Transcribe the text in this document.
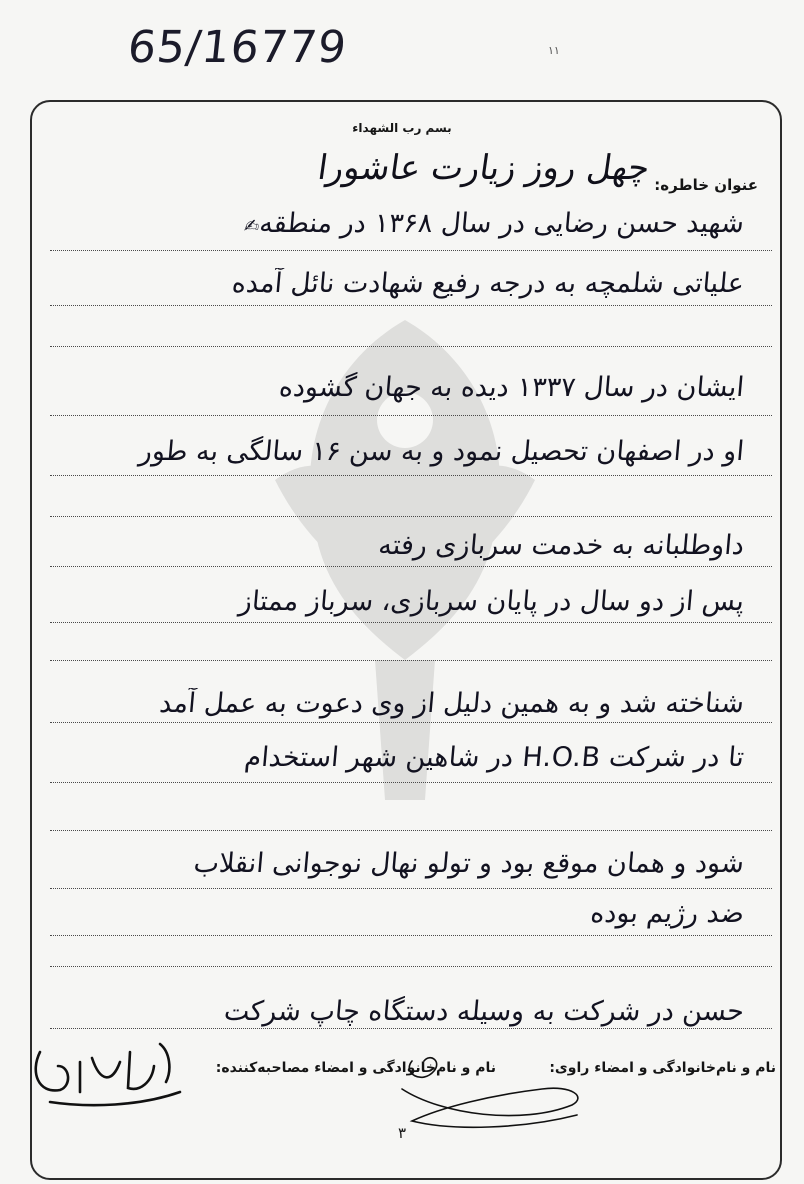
65/16779	١١
بسم رب الشهداء
عنوان خاطره:
چهل روز زیارت عاشورا
شهید حسن رضایی در سال ۱۳۶۸ در منطقه✍
علیاتی شلمچه به درجه رفیع شهادت نائل آمده
ایشان در سال ۱۳۳۷ دیده به جهان گشوده
او در اصفهان تحصیل نمود و به سن ۱۶ سالگی به طور
داوطلبانه به خدمت سربازی رفته
پس از دو سال در پایان سربازی، سرباز ممتاز
شناخته شد و به همین دلیل از وی دعوت به عمل آمد
تا در شرکت H.O.B در شاهین شهر استخدام
شود و همان موقع بود و تولو نهال نوجوانی انقلاب
ضد رژیم بوده
حسن در شرکت به وسیله دستگاه چاپ شرکت
نام و نام‌خانوادگی و امضاء راوی:
نام و نام‌خانوادگی و امضاء مصاحبه‌کننده:
٣
